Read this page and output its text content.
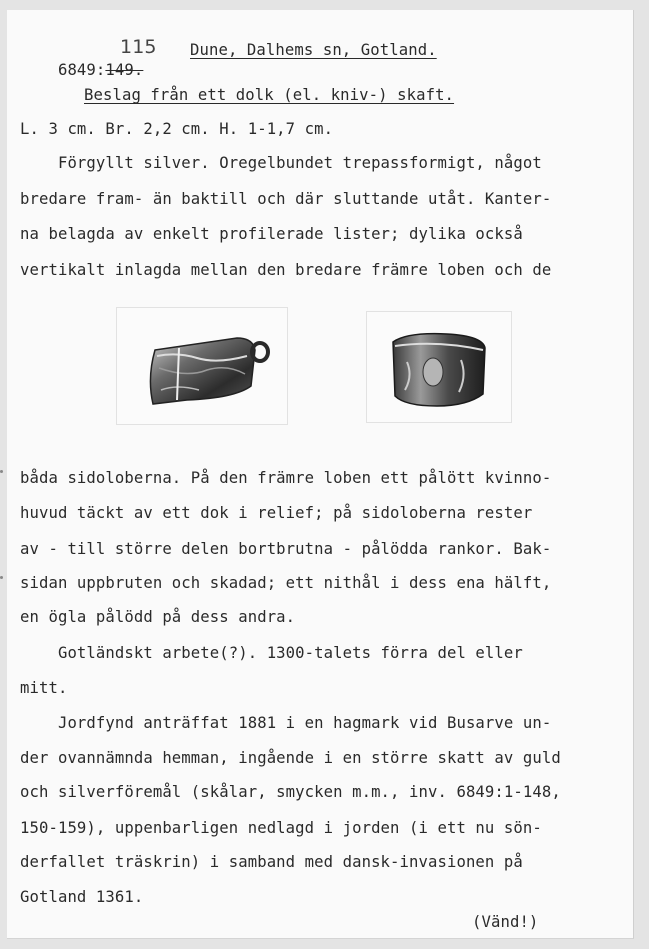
6849:149.

115 Dune, Dalhems sn, Gotland.
Beslag från ett dolk (el. kniv-) skaft.
L. 3 cm. Br. 2,2 cm. H. 1-1,7 cm.
Förgyllt silver. Oregelbundet trepassformigt, något
bredare fram- än baktill och där sluttande utåt. Kanter-
na belagda av enkelt profilerade lister; dylika också
vertikalt inlagda mellan den bredare främre loben och de
båda sidoloberna. På den främre loben ett pålött kvinno-
huvud täckt av ett dok i relief; på sidoloberna rester
av - till större delen bortbrutna - pålödda rankor. Bak-
sidan uppbruten och skadad; ett nithål i dess ena hälft,
en ögla pålödd på dess andra.
Gotländskt arbete(?). 1300-talets förra del eller
mitt.
Jordfynd anträffat 1881 i en hagmark vid Busarve un-
der ovannämnda hemman, ingående i en större skatt av guld
och silverföremål (skålar, smycken m.m., inv. 6849:1-148,
150-159), uppenbarligen nedlagd i jorden (i ett nu sön-
derfallet träskrin) i samband med dansk-invasionen på
Gotland 1361.
(Vänd!)
